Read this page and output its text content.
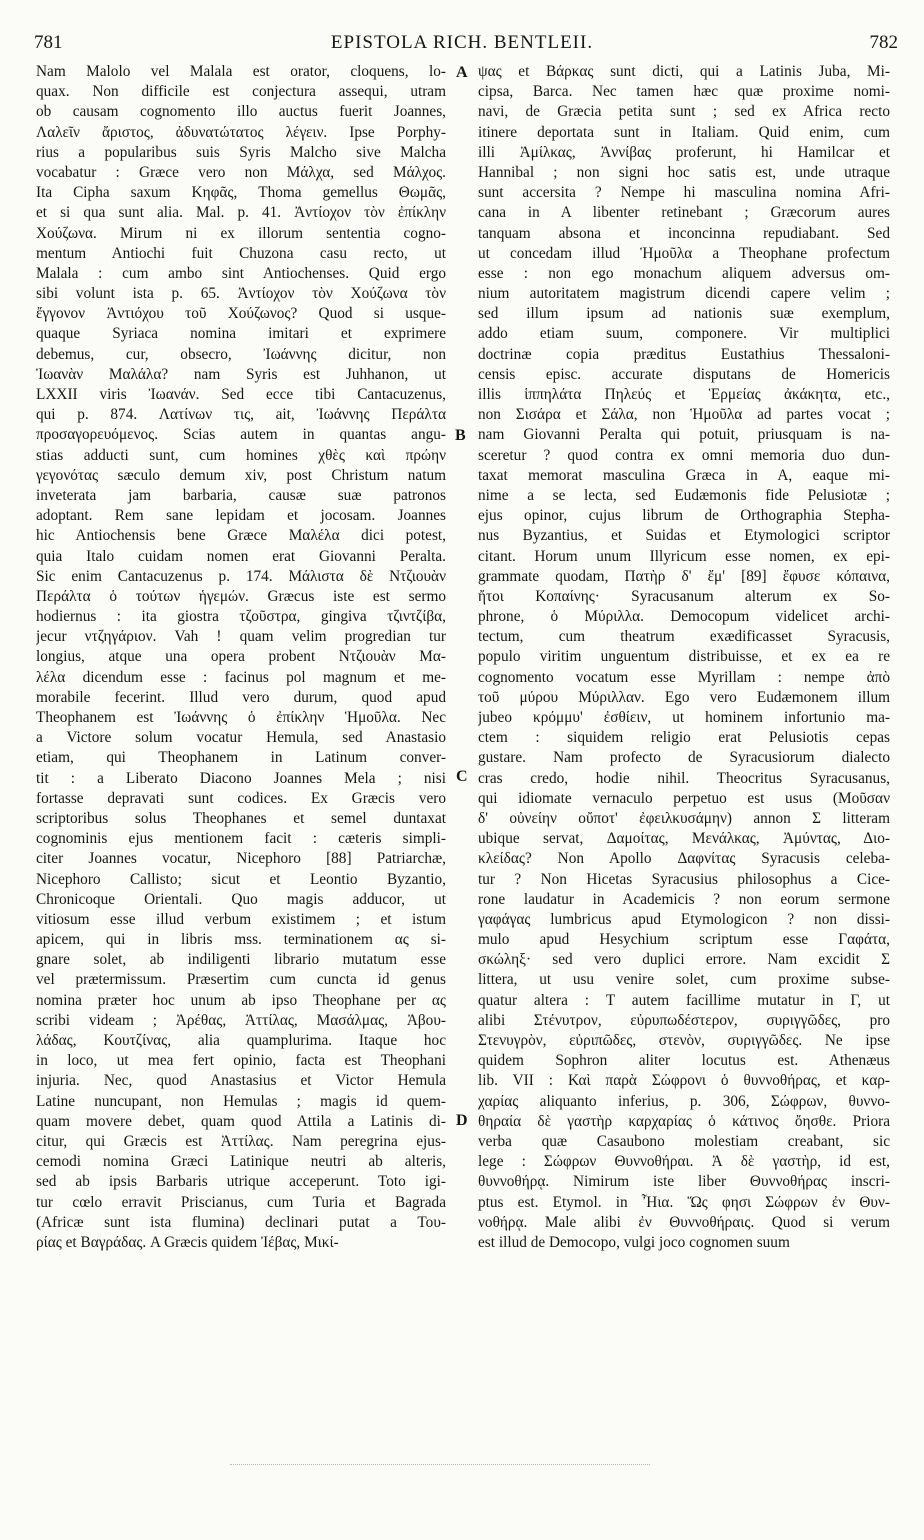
781	EPISTOLA RICH. BENTLEII.	782
Nam Malolo vel Malala est orator, cloquens, lo-
quax. Non difficile est conjectura assequi, utram
ob causam cognomento illo auctus fuerit Joannes,
Λαλεῖν ἄριστος, ἀδυνατώτατος λέγειν. Ipse Porphy-
rius a popularibus suis Syris Malcho sive Malcha
vocabatur : Græce vero non Μάλχα, sed Μάλχος.
Ita Cipha saxum Κηφᾶς, Thoma gemellus Θωμᾶς,
et si qua sunt alia. Mal. p. 41. Ἀντίοχον τὸν ἐπίκλην
Χούζωνα. Mirum ni ex illorum sententia cogno-
mentum Antiochi fuit Chuzona casu recto, ut
Malala : cum ambo sint Antiochenses. Quid ergo
sibi volunt ista p. 65. Ἀντίοχον τὸν Χούζωνα τὸν
ἔγγονον Ἀντιόχου τοῦ Χούζωνος? Quod si usque-
quaque Syriaca nomina imitari et exprimere
debemus, cur, obsecro, Ἰωάννης dicitur, non
Ἰωανὰν Μαλάλα? nam Syris est Juhhanon, ut
LXXII viris Ἰωανάν. Sed ecce tibi Cantacuzenus,
qui p. 874. Λατίνων τις, ait, Ἰωάννης Περάλτα
προσαγορευόμενος. Scias autem in quantas angu-
stias adducti sunt, cum homines χθὲς καὶ πρώην
γεγονότας sæculo demum xiv, post Christum natum
inveterata jam barbaria, causæ suæ patronos
adoptant. Rem sane lepidam et jocosam. Joannes
hic Antiochensis bene Græce Μαλέλα dici potest,
quia Italo cuidam nomen erat Giovanni Peralta.
Sic enim Cantacuzenus p. 174. Μάλιστα δὲ Ντζιουὰν
Περάλτα ὁ τούτων ἡγεμών. Græcus iste est sermo
hodiernus : ita giostra τζοῦστρα, gingiva τζιντζίβα,
jecur ντζηγάριον. Vah ! quam velim progredian tur
longius, atque una opera probent Ντζιουὰν Μα-
λέλα dicendum esse : facinus pol magnum et me-
morabile fecerint. Illud vero durum, quod apud
Theophanem est Ἰωάννης ὁ ἐπίκλην Ἡμοῦλα. Nec
a Victore solum vocatur Hemula, sed Anastasio
etiam, qui Theophanem in Latinum conver-
tit : a Liberato Diacono Joannes Mela ; nisi
fortasse depravati sunt codices. Ex Græcis vero
scriptoribus solus Theophanes et semel duntaxat
cognominis ejus mentionem facit : cæteris simpli-
citer Joannes vocatur, Nicephoro [88] Patriarchæ,
Nicephoro Callisto; sicut et Leontio Byzantio,
Chronicoque Orientali. Quo magis adducor, ut
vitiosum esse illud verbum existimem ; et istum
apicem, qui in libris mss. terminationem ας si-
gnare solet, ab indiligenti librario mutatum esse
vel prætermissum. Præsertim cum cuncta id genus
nomina præter hoc unum ab ipso Theophane per ας
scribi videam ; Ἀρέθας, Ἀττίλας, Μασάλμας, Ἀβου-
λάδας, Κουτζίνας, alia quamplurima. Itaque hoc
in loco, ut mea fert opinio, facta est Theophani
injuria. Nec, quod Anastasius et Victor Hemula
Latine nuncupant, non Hemulas ; magis id quem-
quam movere debet, quam quod Attila a Latinis di-
citur, qui Græcis est Ἀττίλας. Nam peregrina ejus-
cemodi nomina Græci Latinique neutri ab alteris,
sed ab ipsis Barbaris utrique acceperunt. Toto igi-
tur cœlo erravit Priscianus, cum Turia et Bagrada
(Africæ sunt ista flumina) declinari putat a Του-
ρίας et Βαγράδας. A Græcis quidem Ἰέβας, Μικί-
ψας et Βάρκας sunt dicti, qui a Latinis Juba, Mi-
cipsa, Barca. Nec tamen hæc quæ proxime nomi-
navi, de Græcia petita sunt ; sed ex Africa recto
itinere deportata sunt in Italiam. Quid enim, cum
illi Ἀμίλκας, Ἀννίβας proferunt, hi Hamilcar et
Hannibal ; non signi hoc satis est, unde utraque
sunt accersita ? Nempe hi masculina nomina Afri-
cana in A libenter retinebant ; Græcorum aures
tanquam absona et inconcinna repudiabant. Sed
ut concedam illud Ἡμοῦλα a Theophane profectum
esse : non ego monachum aliquem adversus om-
nium autoritatem magistrum dicendi capere velim ;
sed illum ipsum ad nationis suæ exemplum,
addo etiam suum, componere. Vir multiplici
doctrinæ copia præditus Eustathius Thessaloni-
censis episc. accurate disputans de Homericis
illis ἱππηλάτα Πηλεύς et Ἑρμείας ἀκάκητα, etc.,
non Σισάρα et Σάλα, non Ἡμοῦλα ad partes vocat ;
nam Giovanni Peralta qui potuit, priusquam is na-
sceretur ? quod contra ex omni memoria duo dun-
taxat memorat masculina Græca in A, eaque mi-
nime a se lecta, sed Eudæmonis fide Pelusiotæ ;
ejus opinor, cujus librum de Orthographia Stepha-
nus Byzantius, et Suidas et Etymologici scriptor
citant. Horum unum Illyricum esse nomen, ex epi-
grammate quodam, Πατὴρ δ' ἔμ' [89] ἔφυσε κόπαινα,
ἤτοι Κοπαίνης· Syracusanum alterum ex So-
phrone, ὁ Μύριλλα. Democopum videlicet archi-
tectum, cum theatrum exædificasset Syracusis,
populo viritim unguentum distribuisse, et ex ea re
cognomento vocatum esse Myrillam : nempe ἀπὸ
τοῦ μύρου Μύριλλαν. Ego vero Eudæmonem illum
jubeo κρόμμυ' ἐσθίειν, ut hominem infortunio ma-
ctem : siquidem religio erat Pelusiotis cepas
gustare. Nam profecto de Syracusiorum dialecto
cras credo, hodie nihil. Theocritus Syracusanus,
qui idiomate vernaculo perpetuo est usus (Μοῦσαν
δ' οὐνείην οὔποτ' ἐφειλκυσάμην) annon Σ litteram
ubique servat, Δαμοίτας, Μενάλκας, Ἀμύντας, Διο-
κλείδας? Non Apollo Δαφνίτας Syracusis celeba-
tur ? Non Hicetas Syracusius philosophus a Cice-
rone laudatur in Academicis ? non eorum sermone
γαφάγας lumbricus apud Etymologicon ? non dissi-
mulo apud Hesychium scriptum esse Γαφάτα,
σκώληξ· sed vero duplici errore. Nam excidit Σ
littera, ut usu venire solet, cum proxime subse-
quatur altera : Τ autem facillime mutatur in Γ, ut
alibi Στένυτρον, εὐρυπωδέστερον, συριγγῶδες, pro
Στενυγρὸν, εὐριπῶδες, στενὸν, συριγγῶδες. Ne ipse
quidem Sophron aliter locutus est. Athenæus
lib. VII : Καὶ παρὰ Σώφρονι ὁ θυννοθήρας, et καρ-
χαρίας aliquanto inferius, p. 306, Σώφρων, θυννο-
θηραία δὲ γαστὴρ καρχαρίας ὁ κάτινος ὄησθε. Priora
verba quæ Casaubono molestiam creabant, sic
lege : Σώφρων Θυννοθήραι. Ἀ δὲ γαστὴρ, id est,
θυννοθήρᾳ. Nimirum iste liber Θυννοθήρας inscri-
ptus est. Etymol. in Ἦια. Ὥς φησι Σώφρων ἐν Θυν-
νοθήρᾳ. Male alibi ἐν Θυννοθήραις. Quod si verum
est illud de Democopo, vulgi joco cognomen suum
A
B
C
D
